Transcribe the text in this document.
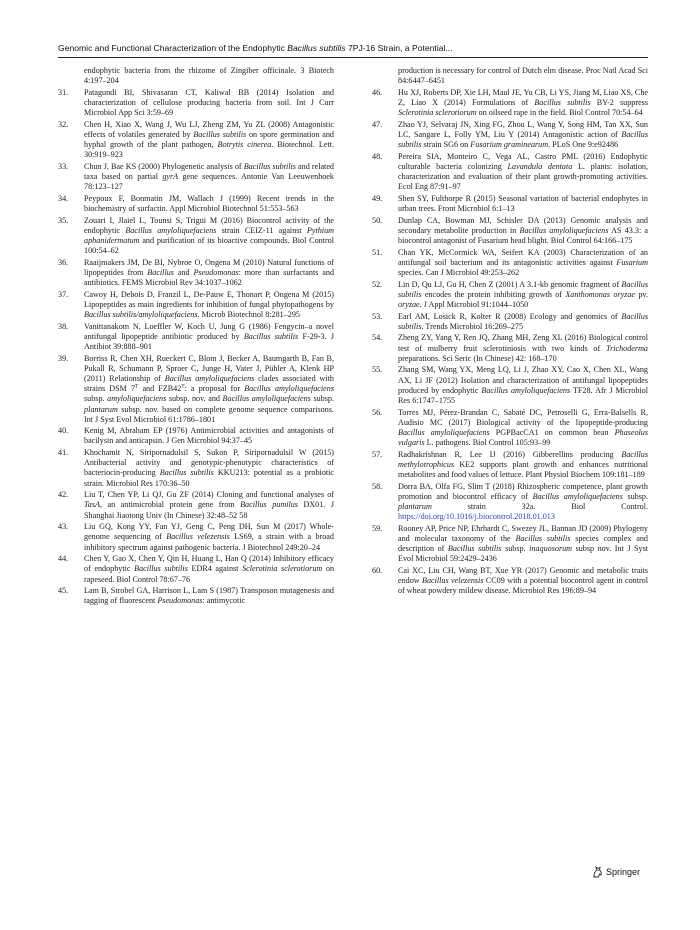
Genomic and Functional Characterization of the Endophytic Bacillus subtilis 7PJ-16 Strain, a Potential...
endophytic bacteria from the rhizome of Zingiber officinale. 3 Biotech 4:197–204
31.	Patagundi BI, Shivasaran CT, Kaliwal BB (2014) Isolation and characterization of cellulose producing bacteria from soil. Int J Curr Microbiol App Sci 3:59–69
32.	Chen H, Xiao X, Wang J, Wu LJ, Zheng ZM, Yu ZL (2008) Antagonistic effects of volatiles generated by Bacillus subtilis on spore germination and hyphal growth of the plant pathogen, Botrytis cinerea. Biotechnol. Lett. 30:919–923
33.	Chun J, Bae KS (2000) Phylogenetic analysis of Bacillus subtilis and related taxa based on partial gyrA gene sequences. Antonie Van Leeuwenhoek 78:123–127
34.	Peypoux F, Bonmatin JM, Wallach J (1999) Recent trends in the biochemistry of surfactin. Appl Microbiol Biotechnol 51:553–563
35.	Zouari I, Jlaiel L, Tounsi S, Trigui M (2016) Biocontrol activity of the endophytic Bacillus amyloliquefaciens strain CEIZ-11 against Pythium aphanidermatum and purification of its bioactive compounds. Biol Control 100:54–62
36.	Raaijmakers JM, De BI, Nybroe O, Ongena M (2010) Natural functions of lipopeptides from Bacillus and Pseudomonas: more than surfactants and antibiotics. FEMS Microbiol Rev 34:1037–1062
37.	Cawoy H, Debois D, Franzil L, De-Pauw E, Thonart P, Ongena M (2015) Lipopeptides as main ingredients for inhibition of fungal phytopathogens by Bacillus subtilis/amyloliquefaciens. Microb Biotechnol 8:281–295
38.	Vanittanakom N, Loeffler W, Koch U, Jung G (1986) Fengycin–a novel antifungal lipopeptide antibiotic produced by Bacillus subtilis F-29-3. J Antibiot 39:888–901
39.	Borriss R, Chen XH, Rueckert C, Blom J, Becker A, Baumgarth B, Fan B, Pukall R, Schumann P, Sproer C, Junge H, Vater J, Pühler A, Klenk HP (2011) Relationship of Bacillus amyloliquefaciens clades associated with strains DSM $7^T$ and $FZB42^T$: a proposal for Bacillus amyloliquefaciens subsp. amyloliquefaciens subsp. nov. and Bacillus amyloliquefaciens subsp. plantarum subsp. nov. based on complete genome sequence comparisons. Int J Syst Evol Microbiol 61:1786–1801
40.	Kenig M, Abraham EP (1976) Antimicrobial activities and antagonists of bacilysin and anticapsin. J Gen Microbiol 94:37–45
41.	Khochamit N, Siripornadulsil S, Sukon P, Siripornadulsil W (2015) Antibacterial activity and genotypic-phenotypic characteristics of bacteriocin-producing Bacillus subtilis KKU213: potential as a probiotic strain. Microbiol Res 170:36–50
42.	Liu T, Chen YP, Li QJ, Gu ZF (2014) Cloning and functional analyses of TasA, an antimicrobial protein gene from Bacillus pumilus DX01. J Shanghai Jiaotong Univ (In Chinese) 32:48–52 58
43.	Liu GQ, Kong YY, Fan YJ, Geng C, Peng DH, Sun M (2017) Whole-genome sequencing of Bacillus velezensis LS69, a strain with a broad inhibitory spectrum against pathogenic bacteria. J Biotechnol 249:20–24
44.	Chen Y, Gao X, Chen Y, Qin H, Huang L, Han Q (2014) Inhibitory efficacy of endophytic Bacillus subtilis EDR4 against Sclerotinia sclerotiorum on rapeseed. Biol Control 78:67–76
45.	Lam B, Strobel GA, Harrison L, Lam S (1987) Transposon mutagenesis and tagging of fluorescent Pseudomonas: antimycotic
production is necessary for control of Dutch elm disease. Proc Natl Acad Sci 84:6447–6451
46.	Hu XJ, Roberts DP, Xie LH, Maul JE, Yu CB, Li YS, Jiang M, Liao XS, Che Z, Liao X (2014) Formulations of Bacillus subtilis BY-2 suppress Sclerotinia sclerotiorum on oilseed rape in the field. Biol Control 70:54–64
47.	Zhao YJ, Selvaraj JN, Xing FG, Zhou L, Wang Y, Song HM, Tan XX, Sun LC, Sangare L, Folly YM, Liu Y (2014) Antagonistic action of Bacillus subtilis strain SG6 on Fusarium graminearum. PLoS One 9:e92486
48.	Pereira SIA, Monteiro C, Vega AL, Castro PML (2016) Endophytic culturable bacteria colonizing Lavandula dentata L. plants: isolation, characterization and evaluation of their plant growth-promoting activities. Ecol Eng 87:91–97
49.	Shen SY, Fulthorpe R (2015) Seasonal variation of bacterial endophytes in urban trees. Front Microbiol 6:1–13
50.	Dunlap CA, Bowman MJ, Schisler DA (2013) Genomic analysis and secondary metabolite production in Bacillus amyloliquefaciens AS 43.3: a biocontrol antagonist of Fusarium head blight. Biol Control 64:166–175
51.	Chan YK, McCormick WA, Seifert KA (2003) Characterization of an antifungal soil bacterium and its antagonistic activities against Fusarium species. Can J Microbiol 49:253–262
52.	Lin D, Qu LJ, Gu H, Chen Z (2001) A 3.1-kb genomic fragment of Bacillus subtilis encodes the protein inhibiting growth of Xanthomonas oryzae pv. oryzae. J Appl Microbiol 91:1044–1050
53.	Earl AM, Losick R, Kolter R (2008) Ecology and genomics of Bacillus subtilis. Trends Microbiol 16:269–275
54.	Zheng ZY, Yang Y, Ren JQ, Zhang MH, Zeng XL (2016) Biological control test of mulberry fruit sclerotiniosis with two kinds of Trichoderma preparations. Sci Seric (In Chinese) 42: 168–170
55.	Zhang SM, Wang YX, Meng LQ, Li J, Zhao XY, Cao X, Chen XL, Wang AX, Li JF (2012) Isolation and characterization of antifungal lipopeptides produced by endophytic Bacillus amyloliquefaciens TF28. Afr J Microbiol Res 6:1747–1755
56.	Torres MJ, Pérez-Brandan C, Sabaté DC, Petroselli G, Erra-Balsells R, Audisio MC (2017) Biological activity of the lipopeptide-producing Bacillus amyloliquefaciens PGPBacCA1 on common bean Phaseolus vulgaris L. pathogens. Biol Control 105:93–99
57.	Radhakrishnan R, Lee IJ (2016) Gibberellins producing Bacillus methylotrophicus KE2 supports plant growth and enhances nutritional metabolites and food values of lettuce. Plant Physiol Biochem 109:181–189
58.	Dorra BA, Olfa FG, Slim T (2018) Rhizospheric competence, plant growth promotion and biocontrol efficacy of Bacillus amyloliquefaciens subsp. plantarum strain 32a. Biol Control. https://doi.org/10.1016/j.biocontrol.2018.01.013
59.	Rooney AP, Price NP, Ehrhardt C, Swezey JL, Bannan JD (2009) Phylogeny and molecular taxonomy of the Bacillus subtilis species complex and description of Bacillus subtilis subsp. inaquosorum subsp nov. Int J Syst Evol Microbiol 59:2429–2436
60.	Cai XC, Liu CH, Wang BT, Xue YR (2017) Genomic and metabolic traits endow Bacillus velezensis CC09 with a potential biocontrol agent in control of wheat powdery mildew disease. Microbiol Res 196:89–94
Springer
